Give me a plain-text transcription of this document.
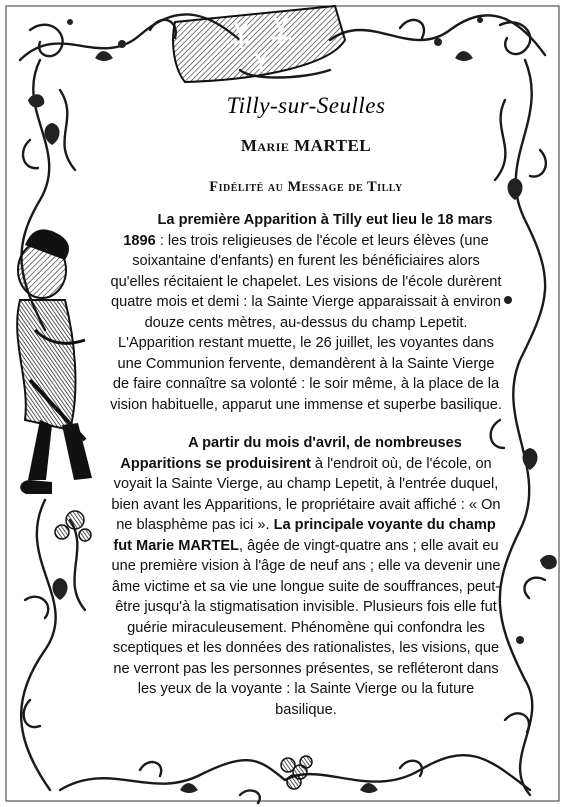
Tilly-sur-Seulles
Marie MARTEL
Fidélité au Message de Tilly

La première Apparition à Tilly eut lieu le 18 mars 1896 : les trois religieuses de l'école et leurs élèves (une soixantaine d'enfants) en furent les bénéficiaires alors qu'elles récitaient le chapelet. Les visions de l'école durèrent quatre mois et demi : la Sainte Vierge apparaissait à environ douze cents mètres, au-dessus du champ Lepetit. L'Apparition restant muette, le 26 juillet, les voyantes dans une Communion fervente, demandèrent à la Sainte Vierge de faire connaître sa volonté : le soir même, à la place de la vision habituelle, apparut une immense et superbe basilique.

A partir du mois d'avril, de nombreuses Apparitions se produisirent à l'endroit où, de l'école, on voyait la Sainte Vierge, au champ Lepetit, à l'entrée duquel, bien avant les Apparitions, le propriétaire avait affiché : « On ne blasphème pas ici ». La principale voyante du champ fut Marie MARTEL, âgée de vingt-quatre ans ; elle avait eu une première vision à l'âge de neuf ans ; elle va devenir une âme victime et sa vie une longue suite de souffrances, peut-être jusqu'à la stigmatisation invisible. Plusieurs fois elle fut guérie miraculeusement. Phénomène qui confondra les sceptiques et les données des rationalistes, les visions, que ne verront pas les personnes présentes, se refléteront dans les yeux de la voyante : la Sainte Vierge ou la future basilique.
